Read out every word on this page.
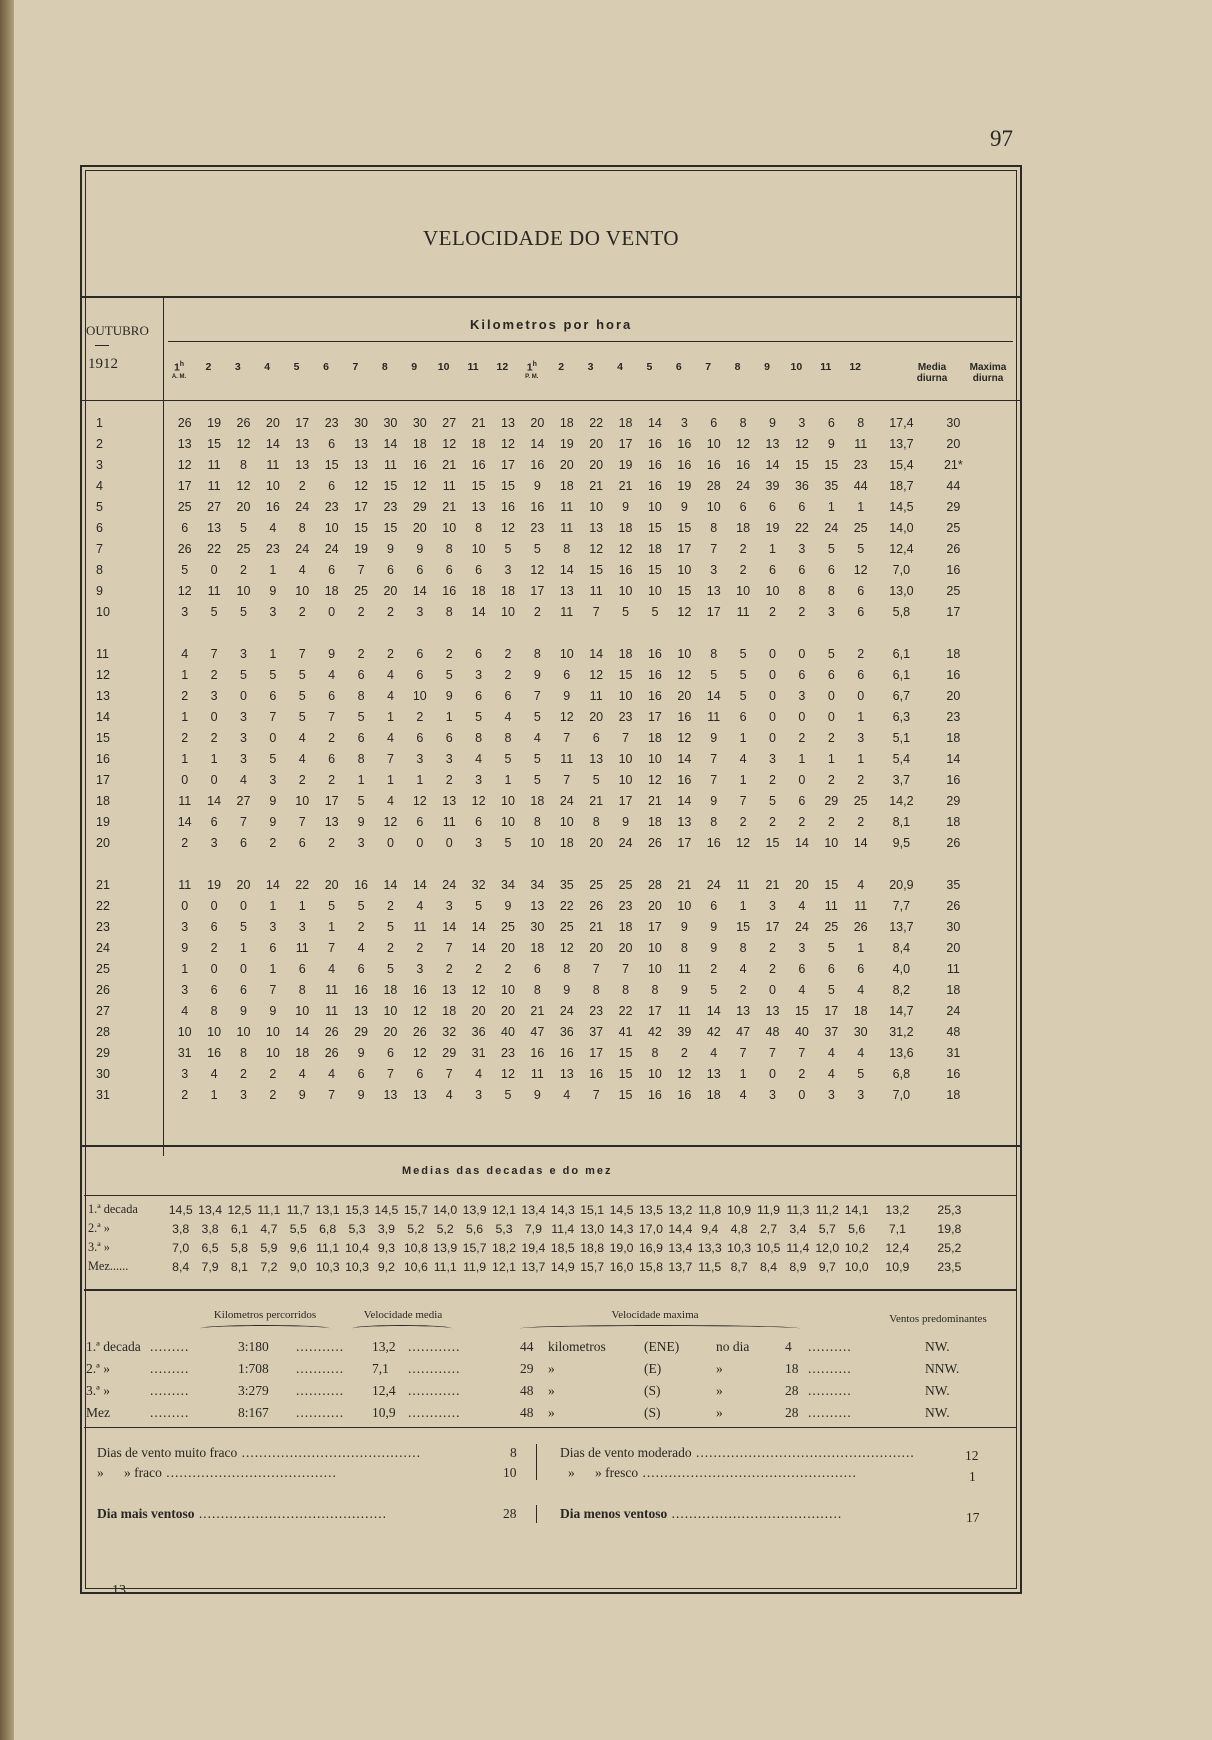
97
VELOCIDADE DO VENTO
OUTUBRO
1912
Kilometros por hora
1$^h$
A. M.
2	3	4	5	6	7	8	9	10	11	12	1$^h$
P. M.
2	3	4	5	6	7	8	9	10	11	12	Media diurna
Maxima diurna
1	26	19	26	20	17	23	30	30	30	27	21	13	20	18	22	18	14	3	6	8	9	3	6	8	17,4	30
2	13	15	12	14	13	6	13	14	18	12	18	12	14	19	20	17	16	16	10	12	13	12	9	11	13,7	20
3	12	11	8	11	13	15	13	11	16	21	16	17	16	20	20	19	16	16	16	16	14	15	15	23	15,4	21*
4	17	11	12	10	2	6	12	15	12	11	15	15	9	18	21	21	16	19	28	24	39	36	35	44	18,7	44
5	25	27	20	16	24	23	17	23	29	21	13	16	16	11	10	9	10	9	10	6	6	6	1	1	14,5	29
6	6	13	5	4	8	10	15	15	20	10	8	12	23	11	13	18	15	15	8	18	19	22	24	25	14,0	25
7	26	22	25	23	24	24	19	9	9	8	10	5	5	8	12	12	18	17	7	2	1	3	5	5	12,4	26
8	5	0	2	1	4	6	7	6	6	6	6	3	12	14	15	16	15	10	3	2	6	6	6	12	7,0	16
9	12	11	10	9	10	18	25	20	14	16	18	18	17	13	11	10	10	15	13	10	10	8	8	6	13,0	25
10	3	5	5	3	2	0	2	2	3	8	14	10	2	11	7	5	5	12	17	11	2	2	3	6	5,8	17

11	4	7	3	1	7	9	2	2	6	2	6	2	8	10	14	18	16	10	8	5	0	0	5	2	6,1	18
12	1	2	5	5	5	4	6	4	6	5	3	2	9	6	12	15	16	12	5	5	0	6	6	6	6,1	16
13	2	3	0	6	5	6	8	4	10	9	6	6	7	9	11	10	16	20	14	5	0	3	0	0	6,7	20
14	1	0	3	7	5	7	5	1	2	1	5	4	5	12	20	23	17	16	11	6	0	0	0	1	6,3	23
15	2	2	3	0	4	2	6	4	6	6	8	8	4	7	6	7	18	12	9	1	0	2	2	3	5,1	18
16	1	1	3	5	4	6	8	7	3	3	4	5	5	11	13	10	10	14	7	4	3	1	1	1	5,4	14
17	0	0	4	3	2	2	1	1	1	2	3	1	5	7	5	10	12	16	7	1	2	0	2	2	3,7	16
18	11	14	27	9	10	17	5	4	12	13	12	10	18	24	21	17	21	14	9	7	5	6	29	25	14,2	29
19	14	6	7	9	7	13	9	12	6	11	6	10	8	10	8	9	18	13	8	2	2	2	2	2	8,1	18
20	2	3	6	2	6	2	3	0	0	0	3	5	10	18	20	24	26	17	16	12	15	14	10	14	9,5	26

21	11	19	20	14	22	20	16	14	14	24	32	34	34	35	25	25	28	21	24	11	21	20	15	4	20,9	35
22	0	0	0	1	1	5	5	2	4	3	5	9	13	22	26	23	20	10	6	1	3	4	11	11	7,7	26
23	3	6	5	3	3	1	2	5	11	14	14	25	30	25	21	18	17	9	9	15	17	24	25	26	13,7	30
24	9	2	1	6	11	7	4	2	2	7	14	20	18	12	20	20	10	8	9	8	2	3	5	1	8,4	20
25	1	0	0	1	6	4	6	5	3	2	2	2	6	8	7	7	10	11	2	4	2	6	6	6	4,0	11
26	3	6	6	7	8	11	16	18	16	13	12	10	8	9	8	8	8	9	5	2	0	4	5	4	8,2	18
27	4	8	9	9	10	11	13	10	12	18	20	20	21	24	23	22	17	11	14	13	13	15	17	18	14,7	24
28	10	10	10	10	14	26	29	20	26	32	36	40	47	36	37	41	42	39	42	47	48	40	37	30	31,2	48
29	31	16	8	10	18	26	9	6	12	29	31	23	16	16	17	15	8	2	4	7	7	7	4	4	13,6	31
30	3	4	2	2	4	4	6	7	6	7	4	12	11	13	16	15	10	12	13	1	0	2	4	5	6,8	16
31	2	1	3	2	9	7	9	13	13	4	3	5	9	4	7	15	16	16	18	4	3	0	3	3	7,0	18
Medias das decadas e do mez
1.ª decada	14,5	13,4	12,5	11,1	11,7	13,1	15,3	14,5	15,7	14,0	13,9	12,1	13,4	14,3	15,1	14,5	13,5	13,2	11,8	10,9	11,9	11,3	11,2	14,1	13,2	25,3
2.ª »	3,8	3,8	6,1	4,7	5,5	6,8	5,3	3,9	5,2	5,2	5,6	5,3	7,9	11,4	13,0	14,3	17,0	14,4	9,4	4,8	2,7	3,4	5,7	5,6	7,1	19,8
3.ª »	7,0	6,5	5,8	5,9	9,6	11,1	10,4	9,3	10,8	13,9	15,7	18,2	19,4	18,5	18,8	19,0	16,9	13,4	13,3	10,3	10,5	11,4	12,0	10,2	12,4	25,2
Mez......	8,4	7,9	8,1	7,2	9,0	10,3	10,3	9,2	10,6	11,1	11,9	12,1	13,7	14,9	15,7	16,0	15,8	13,7	11,5	8,7	8,4	8,9	9,7	10,0	10,9	23,5
Kilometros percorridos	Velocidade media	Velocidade maxima	Ventos predominantes
1.ª decada	3:180	13,2	44 kilometros	(ENE)	no dia	4	NW.
.........	...........	............	..........
2.ª »	1:708	7,1	29 »	(E)	»	18	NNW.
.........	...........	............	..........
3.ª »	3:279	12,4	48 »	(S)	»	28	NW.
.........	...........	............	..........
Mez	8:167	10,9	48 »	(S)	»	28	NW.
.........	...........	............	..........
Dias de vento muito fraco .........................................	8
»      » fraco .......................................	10
Dias de vento moderado ..................................................	12
»      » fresco .................................................	1
Dia mais ventoso ...........................................	28	Dia menos ventoso .......................................	17
13
